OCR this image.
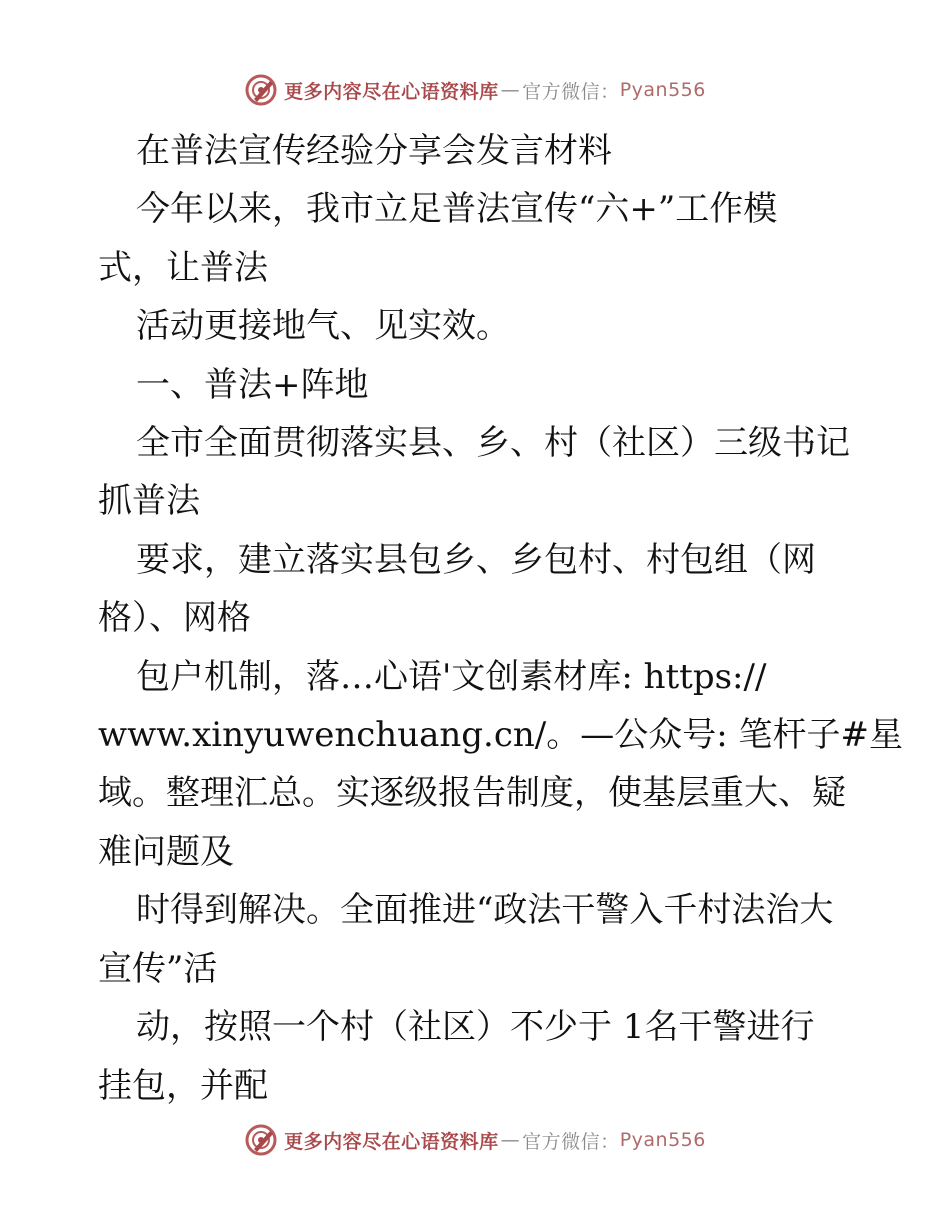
更多内容尽在心语资料库 — 官方微信： Pyan556

在普法宣传经验分享会发言材料

今年以来，我市立足普法宣传“六+”工作模

式，让普法

活动更接地气、见实效。

一、普法+阵地

全市全面贯彻落实县、乡、村（社区）三级书记

抓普法

要求，建立落实县包乡、乡包村、村包组（网

格）、网格

包户机制，落…心语'文创素材库: https://

www.xinyuwenchuang.cn/。—公众号: 笔杆子#星

域。整理汇总。实逐级报告制度，使基层重大、疑

难问题及

时得到解决。全面推进“政法干警入千村法治大

宣传”活

动，按照一个村（社区）不少于 1名干警进行

挂包，并配

更多内容尽在心语资料库 — 官方微信： Pyan556
